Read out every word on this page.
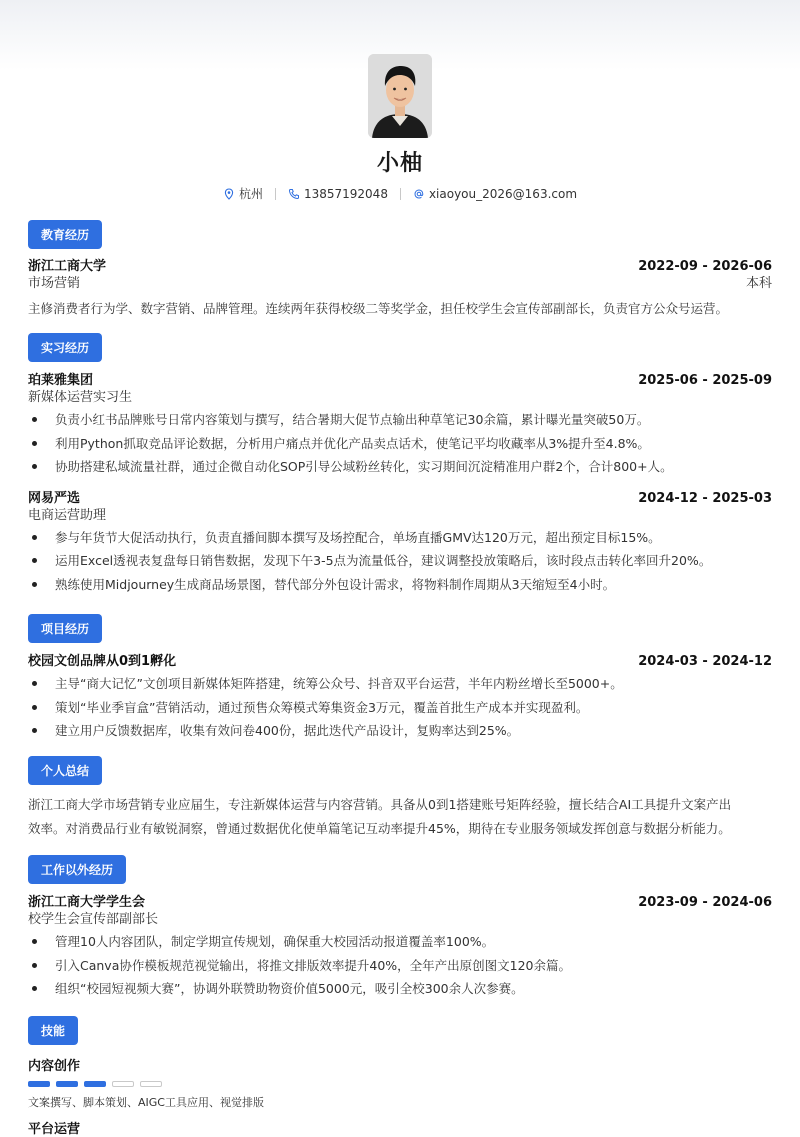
小柚
杭州	13857192048	xiaoyou_2026@163.com
教育经历
浙江工商大学	2022-09 - 2026-06
市场营销	本科
主修消费者行为学、数字营销、品牌管理。连续两年获得校级二等奖学金，担任校学生会宣传部副部长，负责官方公众号运营。
实习经历
珀莱雅集团	2025-06 - 2025-09
新媒体运营实习生
负责小红书品牌账号日常内容策划与撰写，结合暑期大促节点输出种草笔记30余篇，累计曝光量突破50万。
利用Python抓取竞品评论数据，分析用户痛点并优化产品卖点话术，使笔记平均收藏率从3%提升至4.8%。
协助搭建私域流量社群，通过企微自动化SOP引导公域粉丝转化，实习期间沉淀精准用户群2个，合计800+人。
网易严选	2024-12 - 2025-03
电商运营助理
参与年货节大促活动执行，负责直播间脚本撰写及场控配合，单场直播GMV达120万元，超出预定目标15%。
运用Excel透视表复盘每日销售数据，发现下午3-5点为流量低谷，建议调整投放策略后，该时段点击转化率回升20%。
熟练使用Midjourney生成商品场景图，替代部分外包设计需求，将物料制作周期从3天缩短至4小时。
项目经历
校园文创品牌从0到1孵化	2024-03 - 2024-12
主导“商大记忆”文创项目新媒体矩阵搭建，统筹公众号、抖音双平台运营，半年内粉丝增长至5000+。
策划“毕业季盲盒”营销活动，通过预售众筹模式筹集资金3万元，覆盖首批生产成本并实现盈利。
建立用户反馈数据库，收集有效问卷400份，据此迭代产品设计，复购率达到25%。
个人总结
浙江工商大学市场营销专业应届生，专注新媒体运营与内容营销。具备从0到1搭建账号矩阵经验，擅长结合AI工具提升文案产出
效率。对消费品行业有敏锐洞察，曾通过数据优化使单篇笔记互动率提升45%，期待在专业服务领域发挥创意与数据分析能力。
工作以外经历
浙江工商大学学生会	2023-09 - 2024-06
校学生会宣传部副部长
管理10人内容团队，制定学期宣传规划，确保重大校园活动报道覆盖率100%。
引入Canva协作模板规范视觉输出，将推文排版效率提升40%，全年产出原创图文120余篇。
组织“校园短视频大赛”，协调外联赞助物资价值5000元，吸引全校300余人次参赛。
技能
内容创作
文案撰写、脚本策划、AIGC工具应用、视觉排版
平台运营
